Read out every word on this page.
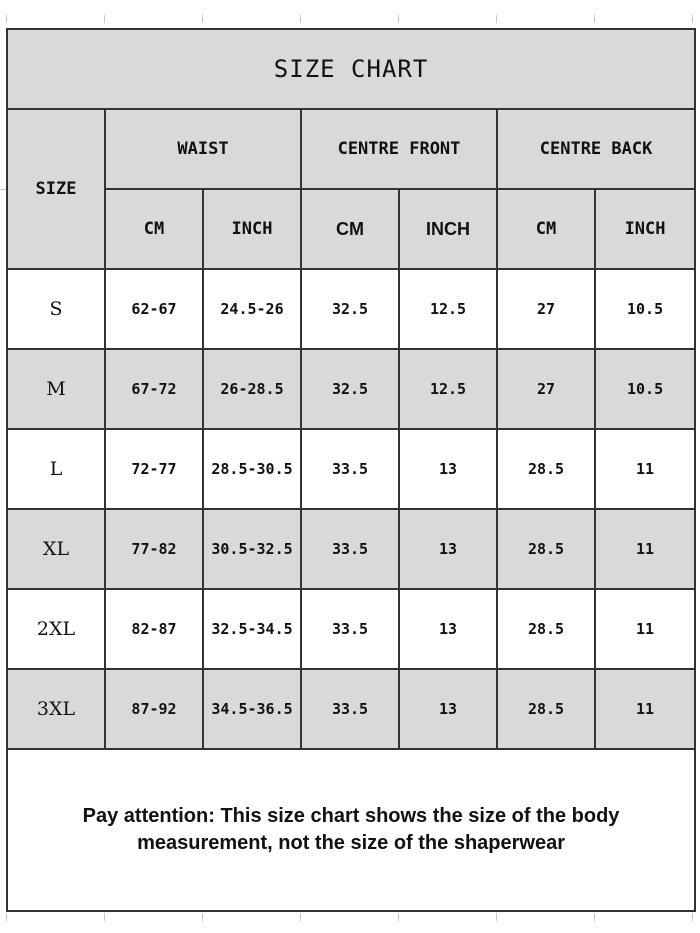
SIZE CHART						
SIZE	WAIST		CENTRE FRONT		CENTRE BACK	
	CM	INCH	CM	INCH	CM	INCH
S	62-67	24.5-26	32.5	12.5	27	10.5
M	67-72	26-28.5	32.5	12.5	27	10.5
L	72-77	28.5-30.5	33.5	13	28.5	11
XL	77-82	30.5-32.5	33.5	13	28.5	11
2XL	82-87	32.5-34.5	33.5	13	28.5	11
3XL	87-92	34.5-36.5	33.5	13	28.5	11

Pay attention: This size chart shows the size of the body
measurement, not the size of the shaperwear						
